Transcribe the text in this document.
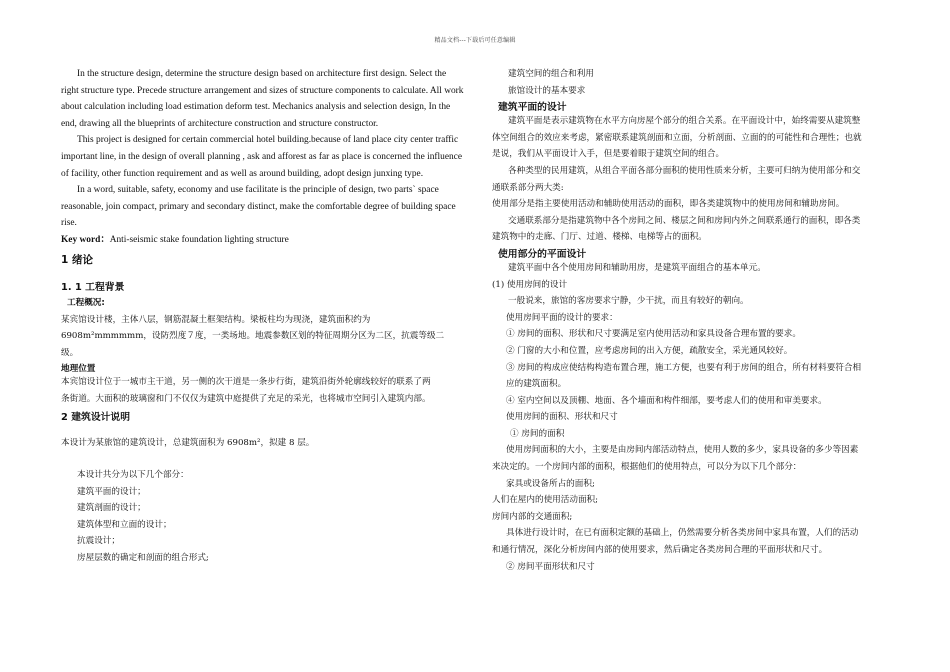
精品文档---下载后可任意编辑

In the structure design, determine the structure design based on architecture first design. Select the

right structure type. Precede structure arrangement and sizes of structure components to calculate. All work

about calculation including load estimation deform test. Mechanics analysis and selection design, In the

end, drawing all the blueprints of architecture construction and structure constructor.

This project is designed for certain commercial hotel building.because of land place city center traffic

important line, in the design of overall planning , ask and afforest as far as place is concerned the influence

of facility, other function requirement and as well as around building, adopt design junxing type.

In a word, suitable, safety, economy and use facilitate is the principle of design, two parts` space

reasonable, join compact, primary and secondary distinct, make the comfortable degree of building space

rise.

Key word：Anti-seismic stake foundation lighting structure

1 绪论

1. 1 工程背景

工程概况:

某宾馆设计楼，主体八层，钢筋混凝土框架结构。梁板柱均为现浇，建筑面积约为

6908m²mmmmmm，设防烈度７度，一类场地。地震参数区划的特征周期分区为二区，抗震等级二

级。

地理位置

本宾馆设计位于一城市主干道，另一侧的次干道是一条步行街，建筑沿街外轮廓线较好的联系了两

条街道。大面积的玻璃窗和门不仅仅为建筑中庭提供了充足的采光，也将城市空间引入建筑内部。

2 建筑设计说明

本设计为某旅馆的建筑设计，总建筑面积为 6908m²，拟建 8 层。

本设计共分为以下几个部分：

建筑平面的设计；

建筑剖面的设计；

建筑体型和立面的设计；

抗震设计；

房屋层数的确定和剖面的组合形式;

建筑空间的组合和利用

旅馆设计的基本要求

建筑平面的设计

建筑平面是表示建筑物在水平方向房屋个部分的组合关系。在平面设计中，始终需要从建筑整

体空间组合的效应来考虑，紧密联系建筑剖面和立面，分析剖面、立面的的可能性和合理性；也就

是说，我们从平面设计入手，但是要着眼于建筑空间的组合。

各种类型的民用建筑，从组合平面各部分面积的使用性质来分析，主要可归纳为使用部分和交

通联系部分两大类:

使用部分是指主要使用活动和辅助使用活动的面积，即各类建筑物中的使用房间和辅助房间。

交通联系部分是指建筑物中各个房间之间、楼层之间和房间内外之间联系通行的面积，即各类

建筑物中的走廊、门厅、过道、楼梯、电梯等占的面积。

使用部分的平面设计

建筑平面中各个使用房间和辅助用房，是建筑平面组合的基本单元。

(1) 使用房间的设计

一般说来，旅馆的客房要求宁静，少干扰，而且有较好的朝向。

使用房间平面的设计的要求：

① 房间的面积、形状和尺寸要满足室内使用活动和家具设备合理布置的要求。

② 门窗的大小和位置，应考虑房间的出入方便，疏散安全，采光通风较好。

③ 房间的构成应使结构构造布置合理，施工方便，也要有利于房间的组合，所有材料要符合相

应的建筑面积。

④ 室内空间以及顶棚、地面、各个墙面和构件细部，要考虑人们的使用和审美要求。

使用房间的面积、形状和尺寸

① 房间的面积

使用房间面积的大小，主要是由房间内部活动特点，使用人数的多少，家具设备的多少等因素

来决定的。一个房间内部的面积，根据他们的使用特点，可以分为以下几个部分：

家具或设备所占的面积;

人们在屋内的使用活动面积;

房间内部的交通面积;

具体进行设计时，在已有面积定额的基础上，仍然需要分析各类房间中家具布置，人们的活动

和通行情况，深化分析房间内部的使用要求，然后确定各类房间合理的平面形状和尺寸。

② 房间平面形状和尺寸
